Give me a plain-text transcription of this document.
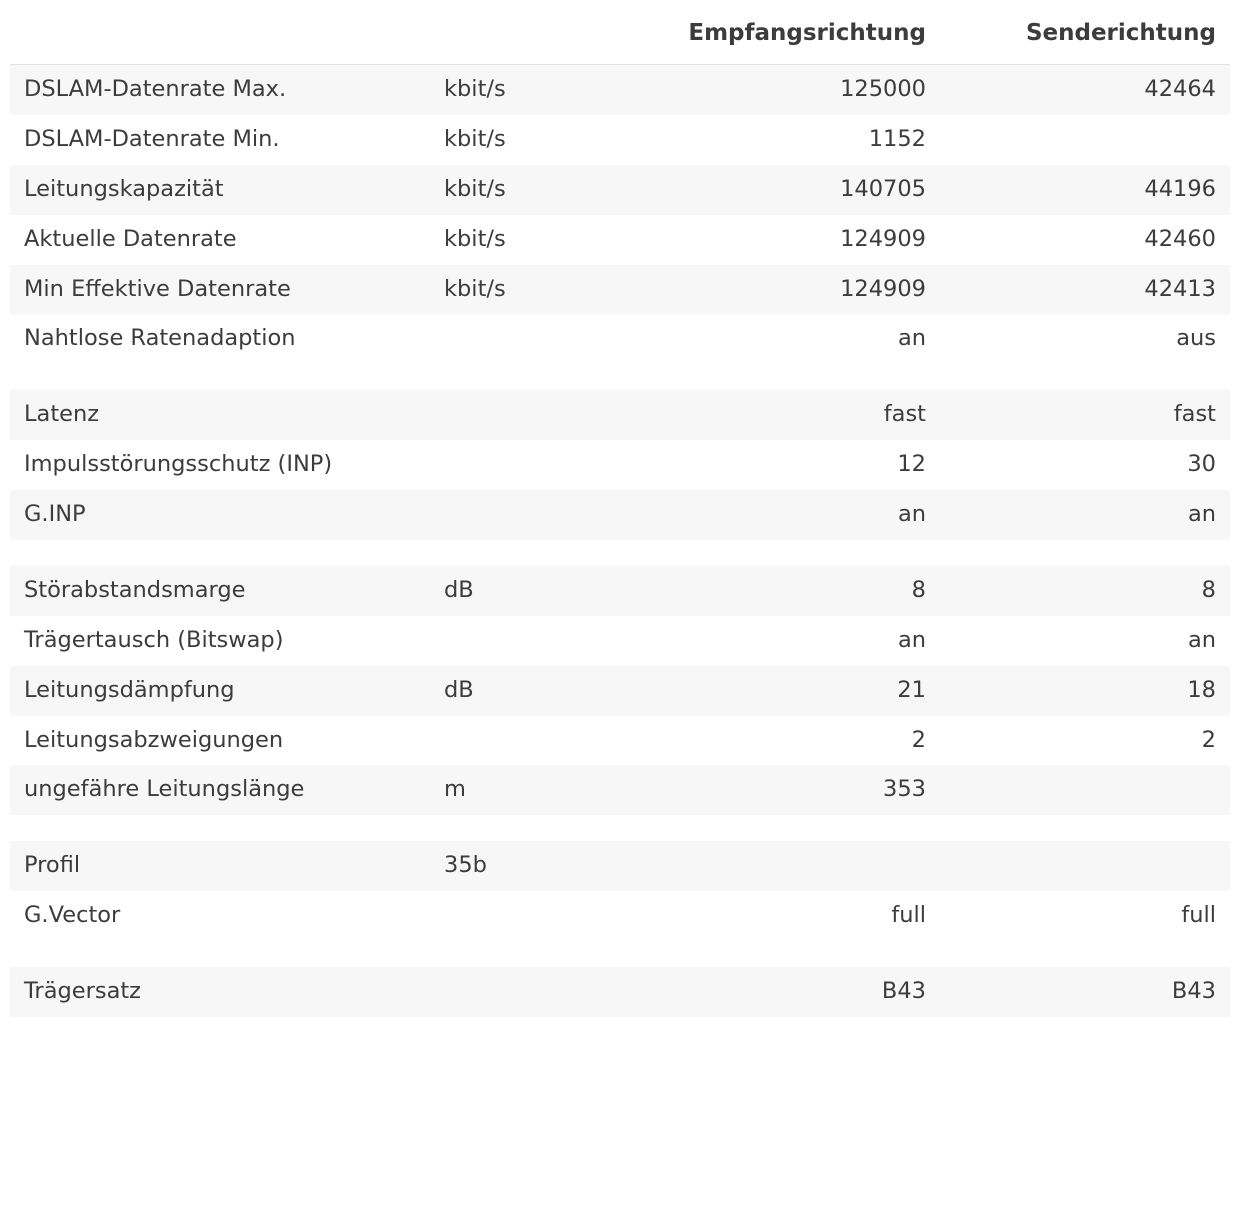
		Empfangsrichtung	Senderichtung
DSLAM-Datenrate Max.	kbit/s	125000	42464
DSLAM-Datenrate Min.	kbit/s	1152	
Leitungskapazität	kbit/s	140705	44196
Aktuelle Datenrate	kbit/s	124909	42460
Min Effektive Datenrate	kbit/s	124909	42413
Nahtlose Ratenadaption		an	aus

Latenz		fast	fast
Impulsstörungsschutz (INP)		12	30
G.INP		an	an

Störabstandsmarge	dB	8	8
Trägertausch (Bitswap)		an	an
Leitungsdämpfung	dB	21	18
Leitungsabzweigungen		2	2
ungefähre Leitungslänge	m	353	

Profil	35b		
G.Vector		full	full

Trägersatz		B43	B43
